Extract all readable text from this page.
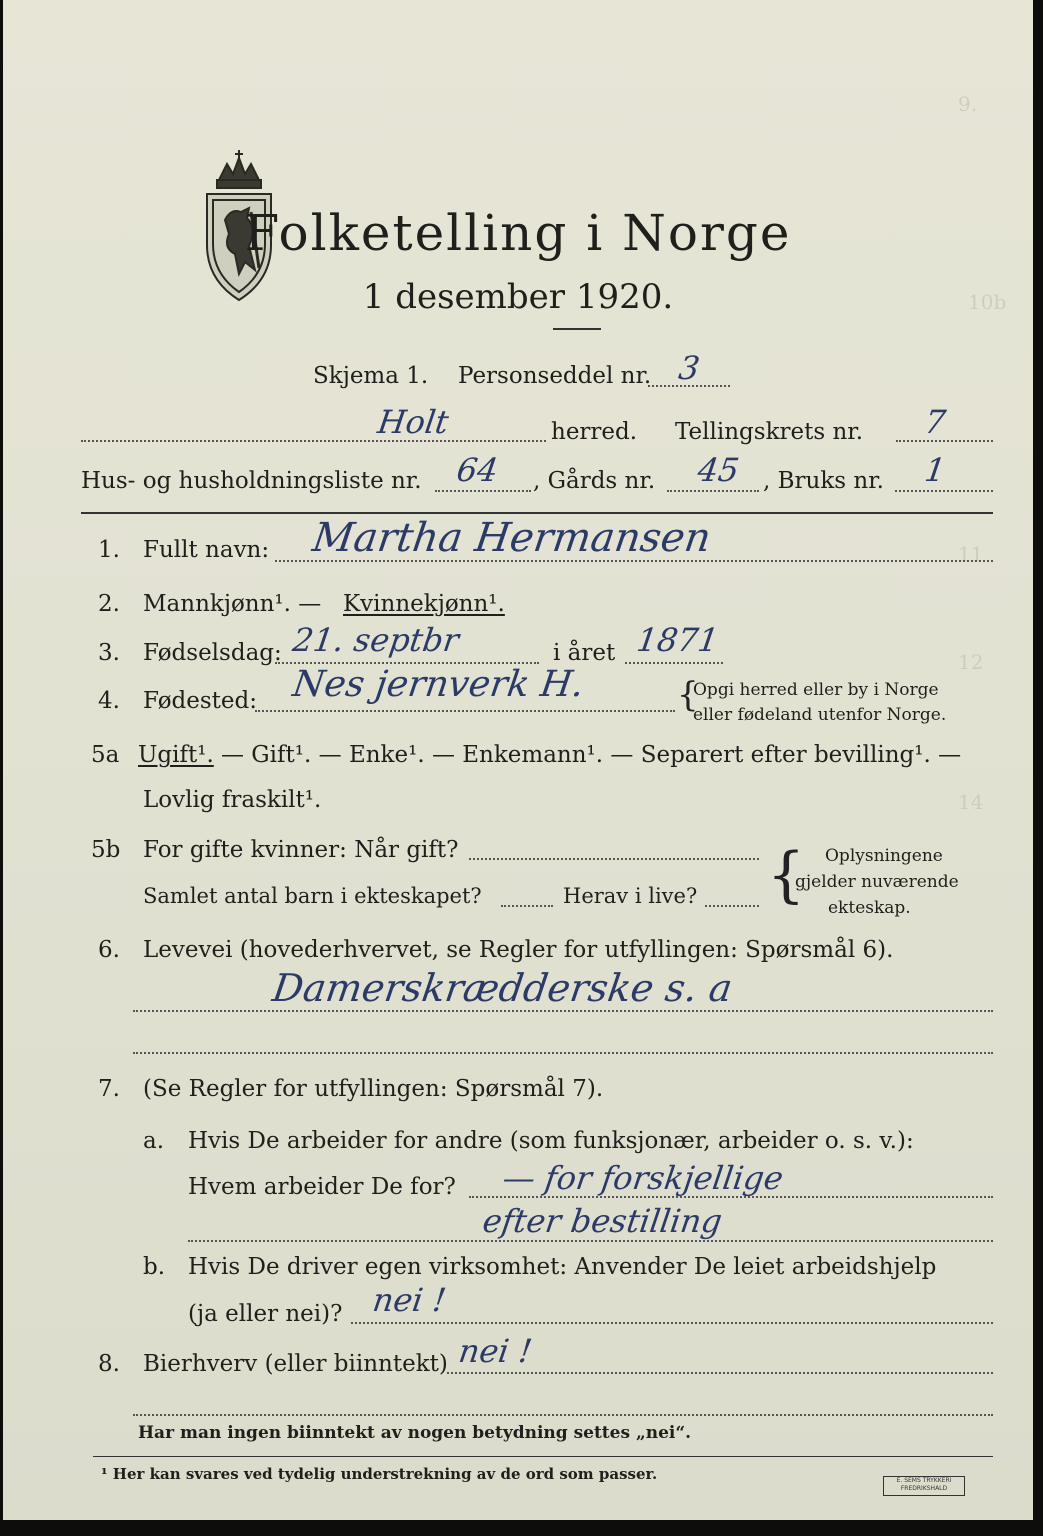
9.
10b
11
12
14
Folketelling i Norge
1 desember 1920.
Skjema 1. Personseddel nr. 3
Holt	herred. Tellingskrets nr. 7
Hus- og husholdningsliste nr. 64 , Gårds nr. 45 , Bruks nr. 1
1. Fullt navn: Martha Hermansen
2. Mannkjønn¹. — Kvinnekjønn¹.
3. Fødselsdag: 21. septbr	i året 1871
4. Fødested: Nes jernverk H.	{
Opgi herred eller by i Norge
eller fødeland utenfor Norge.
5a Ugift¹. — Gift¹. — Enke¹. — Enkemann¹. — Separert efter bevilling¹. —
Lovlig fraskilt¹.
5b For gifte kvinner: Når gift?
Samlet antal barn i ekteskapet?	Herav i live? { Oplysningene
gjelder nuværende
ekteskap.
6. Levevei (hovederhvervet, se Regler for utfyllingen: Spørsmål 6).
Damerskrædderske s. a
7. (Se Regler for utfyllingen: Spørsmål 7).
a. Hvis De arbeider for andre (som funksjonær, arbeider o. s. v.):
Hvem arbeider De for? — for forskjellige
efter bestilling
b. Hvis De driver egen virksomhet: Anvender De leiet arbeidshjelp
(ja eller nei)? nei !
8. Bierhverv (eller biinntekt) nei !
Har man ingen biinntekt av nogen betydning settes „nei“.
¹ Her kan svares ved tydelig understrekning av de ord som passer.	E. SEMS TRYKKERI FREDRIKSHALD
